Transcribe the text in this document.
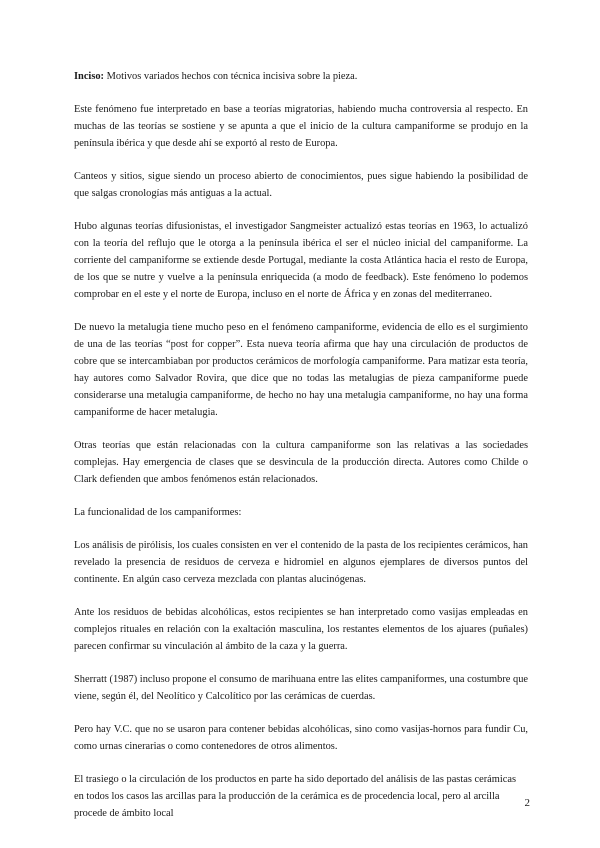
Inciso: Motivos variados hechos con técnica incisiva sobre la pieza.

Este fenómeno fue interpretado en base a teorías migratorias, habiendo mucha controversia al respecto. En muchas de las teorías se sostiene y se apunta a que el inicio de la cultura campaniforme se produjo en la península ibérica y que desde ahí se exportó al resto de Europa.

Canteos y sitios, sigue siendo un proceso abierto de conocimientos, pues sigue habiendo la posibilidad de que salgas cronologías más antiguas a la actual.

Hubo algunas teorías difusionistas, el investigador Sangmeister actualizó estas teorías en 1963, lo actualizó con la teoría del reflujo que le otorga a la península ibérica el ser el núcleo inicial del campaniforme. La corriente del campaniforme se extiende desde Portugal, mediante la costa Atlántica hacia el resto de Europa, de los que se nutre y vuelve a la península enriquecida (a modo de feedback). Este fenómeno lo podemos comprobar en el este y el norte de Europa, incluso en el norte de África y en zonas del mediterraneo.

De nuevo la metalugia tiene mucho peso en el fenómeno campaniforme, evidencia de ello es el surgimiento de una de las teorías “post for copper”. Esta nueva teoría afirma que hay una circulación de productos de cobre que se intercambiaban por productos cerámicos de morfología campaniforme. Para matizar esta teoría, hay autores como Salvador Rovira, que dice que no todas las metalugias de pieza campaniforme puede considerarse una metalugia campaniforme, de hecho no hay una metalugia campaniforme, no hay una forma campaniforme de hacer metalugia.

Otras teorías que están relacionadas con la cultura campaniforme son las relativas a las sociedades complejas. Hay emergencia de clases que se desvincula de la producción directa. Autores como Childe o Clark defienden que ambos fenómenos están relacionados.

La funcionalidad de los campaniformes:

Los análisis de pirólisis, los cuales consisten en ver el contenido de la pasta de los recipientes cerámicos, han revelado la presencia de residuos de cerveza e hidromiel en algunos ejemplares de diversos puntos del continente. En algún caso cerveza mezclada con plantas alucinógenas.

Ante los residuos de bebidas alcohólicas, estos recipientes se han interpretado como vasijas empleadas en complejos rituales en relación con la exaltación masculina, los restantes elementos de los ajuares (puñales) parecen confirmar su vinculación al ámbito de la caza y la guerra.

Sherratt (1987) incluso propone el consumo de marihuana entre las elites campaniformes, una costumbre que viene, según él, del Neolítico y Calcolítico por las cerámicas de cuerdas.

Pero hay V.C. que no se usaron para contener bebidas alcohólicas, sino como vasijas-hornos para fundir Cu, como urnas cinerarias o como contenedores de otros alimentos.

El trasiego o la circulación de los productos en parte ha sido deportado del análisis de las pastas cerámicas en todos los casos las arcillas para la producción de la cerámica es de procedencia local, pero al arcilla procede de ámbito local

2
